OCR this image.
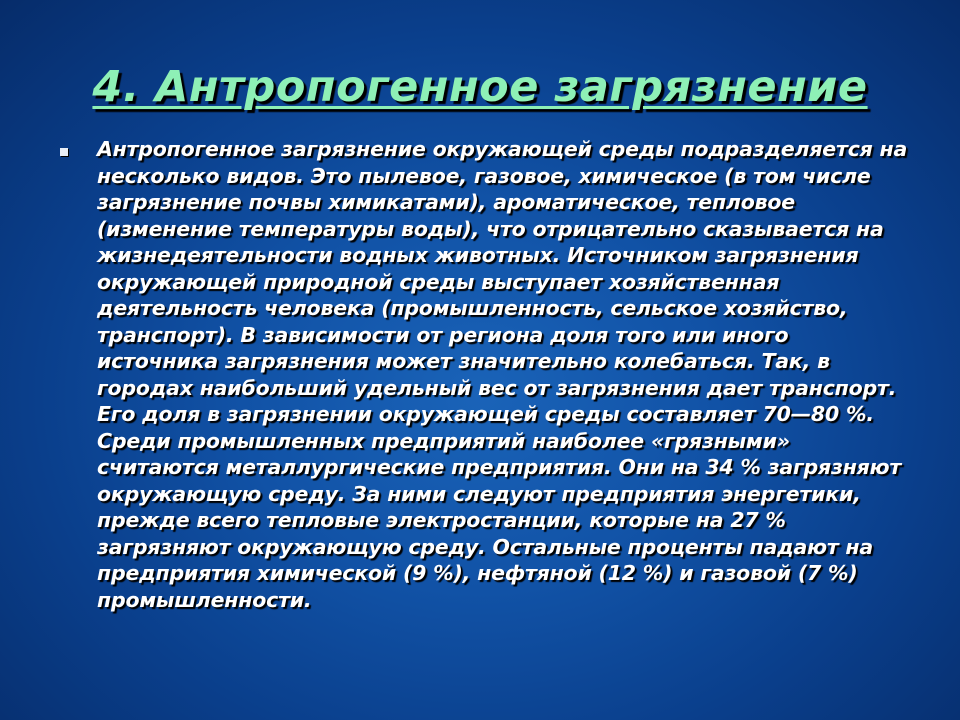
4. Антропогенное загрязнение

Антропогенное загрязнение окружающей среды подразделяется на несколько видов. Это пылевое, газовое, химическое (в том числе загрязнение почвы химикатами), ароматическое, тепловое (изменение температуры воды), что отрицательно сказывается на жизнедеятельности водных животных. Источником загрязнения окружающей природной среды выступает хозяйственная деятельность человека (промышленность, сельское хозяйство, транспорт). В зависимости от региона доля того или иного источника загрязнения может значительно колебаться. Так, в городах наибольший удельный вес от загрязнения дает транспорт. Его доля в загрязнении окружающей среды составляет 70—80 %. Среди промышленных предприятий наиболее «грязными» считаются металлургические предприятия. Они на 34 % загрязняют окружающую среду. За ними следуют предприятия энергетики, прежде всего тепловые электростанции, которые на 27 % загрязняют окружающую среду. Остальные проценты падают на предприятия химической (9 %), нефтяной (12 %) и газовой (7 %) промышленности.
